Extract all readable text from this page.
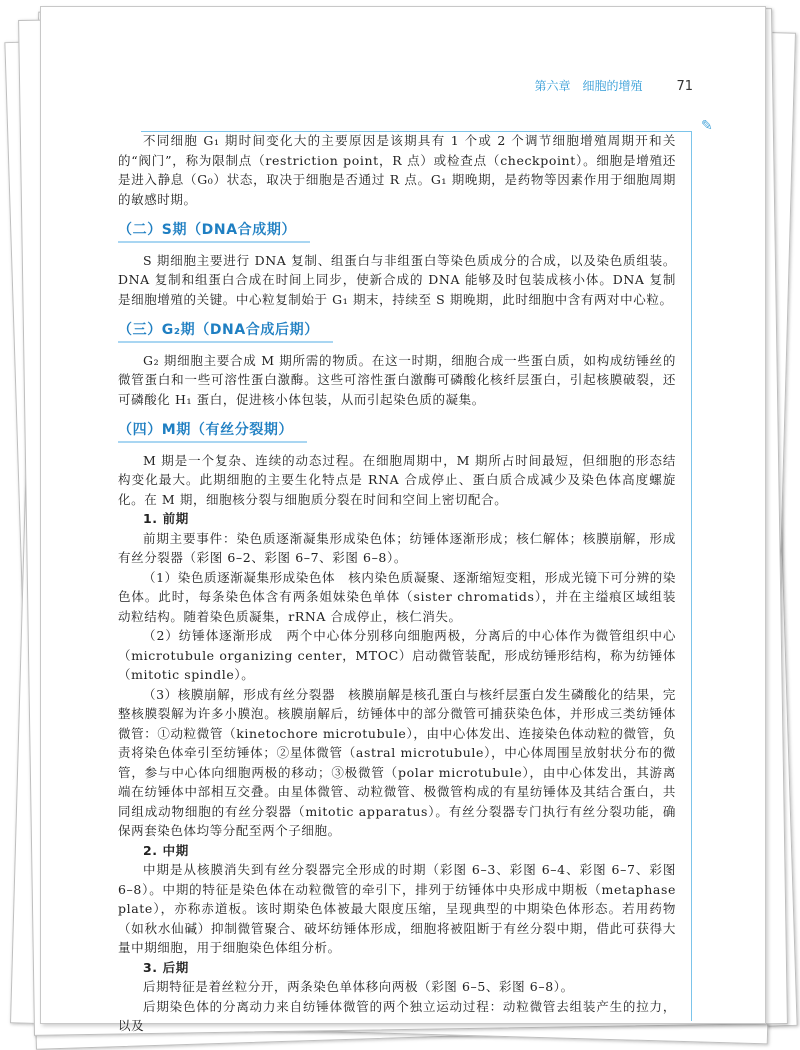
第六章　细胞的增殖	71
✎

不同细胞 G₁ 期时间变化大的主要原因是该期具有 1 个或 2 个调节细胞增殖周期开和关的“阀门”，称为限制点（restriction point，R 点）或检查点（checkpoint）。细胞是增殖还是进入静息（G₀）状态，取决于细胞是否通过 R 点。G₁ 期晚期，是药物等因素作用于细胞周期的敏感时期。

（二）S期（DNA合成期）

S 期细胞主要进行 DNA 复制、组蛋白与非组蛋白等染色质成分的合成，以及染色质组装。DNA 复制和组蛋白合成在时间上同步，使新合成的 DNA 能够及时包装成核小体。DNA 复制是细胞增殖的关键。中心粒复制始于 G₁ 期末，持续至 S 期晚期，此时细胞中含有两对中心粒。

（三）G₂期（DNA合成后期）

G₂ 期细胞主要合成 M 期所需的物质。在这一时期，细胞合成一些蛋白质，如构成纺锤丝的微管蛋白和一些可溶性蛋白激酶。这些可溶性蛋白激酶可磷酸化核纤层蛋白，引起核膜破裂，还可磷酸化 H₁ 蛋白，促进核小体包装，从而引起染色质的凝集。

（四）M期（有丝分裂期）

M 期是一个复杂、连续的动态过程。在细胞周期中，M 期所占时间最短，但细胞的形态结构变化最大。此期细胞的主要生化特点是 RNA 合成停止、蛋白质合成减少及染色体高度螺旋化。在 M 期，细胞核分裂与细胞质分裂在时间和空间上密切配合。

1. 前期

前期主要事件：染色质逐渐凝集形成染色体；纺锤体逐渐形成；核仁解体；核膜崩解，形成有丝分裂器（彩图 6–2、彩图 6–7、彩图 6–8）。

（1）染色质逐渐凝集形成染色体　核内染色质凝聚、逐渐缩短变粗，形成光镜下可分辨的染色体。此时，每条染色体含有两条姐妹染色单体（sister chromatids），并在主缢痕区域组装动粒结构。随着染色质凝集，rRNA 合成停止，核仁消失。

（2）纺锤体逐渐形成　两个中心体分别移向细胞两极，分离后的中心体作为微管组织中心（microtubule organizing center，MTOC）启动微管装配，形成纺锤形结构，称为纺锤体（mitotic spindle）。

（3）核膜崩解，形成有丝分裂器　核膜崩解是核孔蛋白与核纤层蛋白发生磷酸化的结果，完整核膜裂解为许多小膜泡。核膜崩解后，纺锤体中的部分微管可捕获染色体，并形成三类纺锤体微管：①动粒微管（kinetochore microtubule），由中心体发出、连接染色体动粒的微管，负责将染色体牵引至纺锤体；②星体微管（astral microtubule），中心体周围呈放射状分布的微管，参与中心体向细胞两极的移动；③极微管（polar microtubule），由中心体发出，其游离端在纺锤体中部相互交叠。由星体微管、动粒微管、极微管构成的有星纺锤体及其结合蛋白，共同组成动物细胞的有丝分裂器（mitotic apparatus）。有丝分裂器专门执行有丝分裂功能，确保两套染色体均等分配至两个子细胞。

2. 中期

中期是从核膜消失到有丝分裂器完全形成的时期（彩图 6–3、彩图 6–4、彩图 6–7、彩图 6–8）。中期的特征是染色体在动粒微管的牵引下，排列于纺锤体中央形成中期板（metaphase plate），亦称赤道板。该时期染色体被最大限度压缩，呈现典型的中期染色体形态。若用药物（如秋水仙碱）抑制微管聚合、破坏纺锤体形成，细胞将被阻断于有丝分裂中期，借此可获得大量中期细胞，用于细胞染色体组分析。

3. 后期

后期特征是着丝粒分开，两条染色单体移向两极（彩图 6–5、彩图 6–8）。

后期染色体的分离动力来自纺锤体微管的两个独立运动过程：动粒微管去组装产生的拉力，以及
